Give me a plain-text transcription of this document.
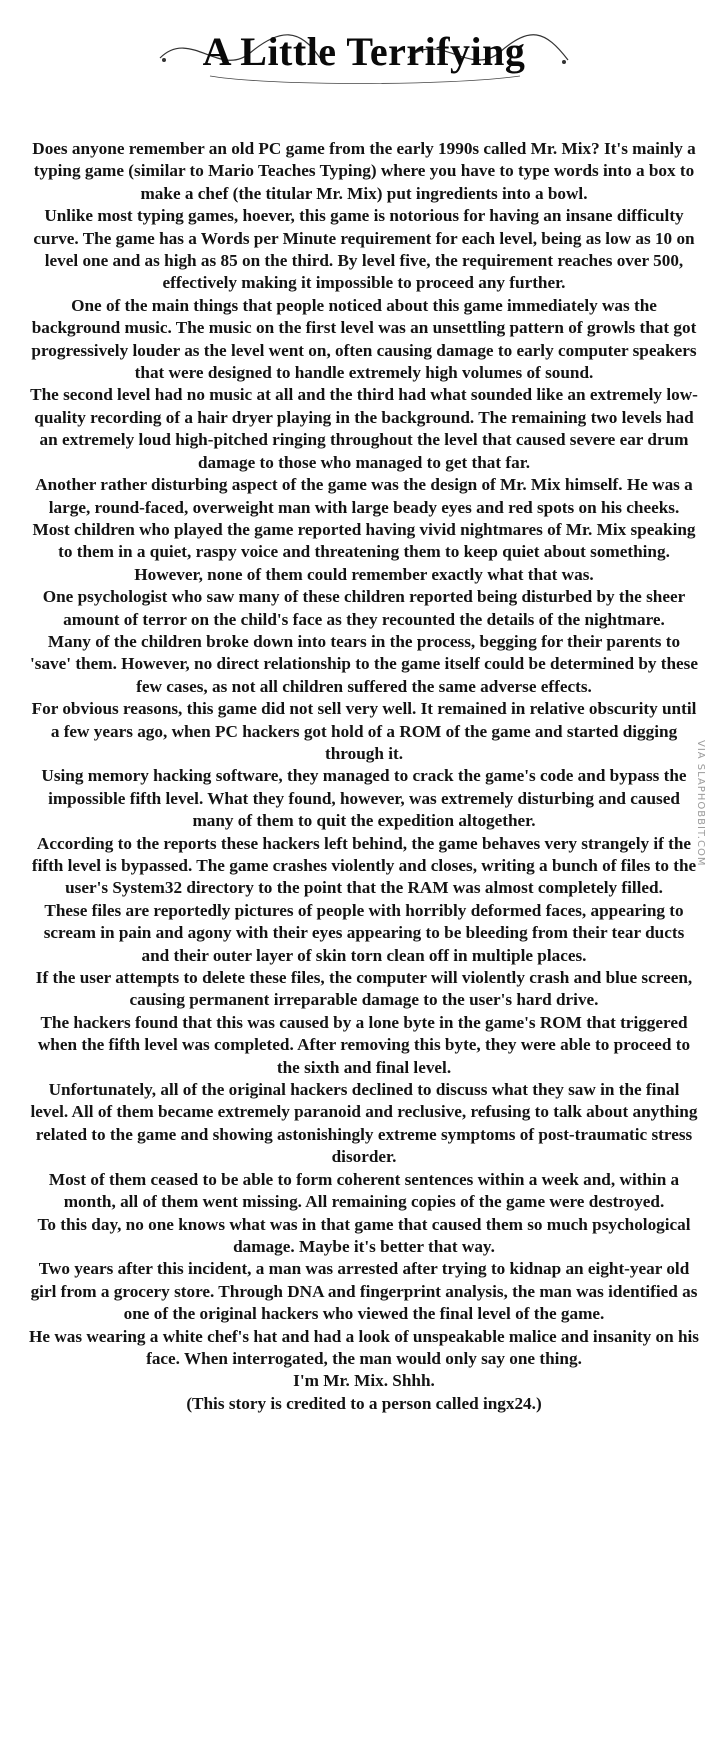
A Little Terrifying

Does anyone remember an old PC game from the early 1990s called Mr. Mix? It's mainly a typing game (similar to Mario Teaches Typing) where you have to type words into a box to make a chef (the titular Mr. Mix) put ingredients into a bowl.

Unlike most typing games, hoever, this game is notorious for having an insane difficulty curve. The game has a Words per Minute requirement for each level, being as low as 10 on level one and as high as 85 on the third. By level five, the requirement reaches over 500, effectively making it impossible to proceed any further.

One of the main things that people noticed about this game immediately was the background music. The music on the first level was an unsettling pattern of growls that got progressively louder as the level went on, often causing damage to early computer speakers that were designed to handle extremely high volumes of sound.

The second level had no music at all and the third had what sounded like an extremely low-quality recording of a hair dryer playing in the background. The remaining two levels had an extremely loud high-pitched ringing throughout the level that caused severe ear drum damage to those who managed to get that far.

Another rather disturbing aspect of the game was the design of Mr. Mix himself. He was a large, round-faced, overweight man with large beady eyes and red spots on his cheeks.

Most children who played the game reported having vivid nightmares of Mr. Mix speaking to them in a quiet, raspy voice and threatening them to keep quiet about something. However, none of them could remember exactly what that was.

One psychologist who saw many of these children reported being disturbed by the sheer amount of terror on the child's face as they recounted the details of the nightmare.

Many of the children broke down into tears in the process, begging for their parents to 'save' them. However, no direct relationship to the game itself could be determined by these few cases, as not all children suffered the same adverse effects.

For obvious reasons, this game did not sell very well. It remained in relative obscurity until a few years ago, when PC hackers got hold of a ROM of the game and started digging through it.

Using memory hacking software, they managed to crack the game's code and bypass the impossible fifth level. What they found, however, was extremely disturbing and caused many of them to quit the expedition altogether.

According to the reports these hackers left behind, the game behaves very strangely if the fifth level is bypassed. The game crashes violently and closes, writing a bunch of files to the user's System32 directory to the point that the RAM was almost completely filled.

These files are reportedly pictures of people with horribly deformed faces, appearing to scream in pain and agony with their eyes appearing to be bleeding from their tear ducts and their outer layer of skin torn clean off in multiple places.

If the user attempts to delete these files, the computer will violently crash and blue screen, causing permanent irreparable damage to the user's hard drive.

The hackers found that this was caused by a lone byte in the game's ROM that triggered when the fifth level was completed. After removing this byte, they were able to proceed to the sixth and final level.

Unfortunately, all of the original hackers declined to discuss what they saw in the final level. All of them became extremely paranoid and reclusive, refusing to talk about anything related to the game and showing astonishingly extreme symptoms of post-traumatic stress disorder.

Most of them ceased to be able to form coherent sentences within a week and, within a month, all of them went missing. All remaining copies of the game were destroyed.

To this day, no one knows what was in that game that caused them so much psychological damage. Maybe it's better that way.

Two years after this incident, a man was arrested after trying to kidnap an eight-year old girl from a grocery store. Through DNA and fingerprint analysis, the man was identified as one of the original hackers who viewed the final level of the game.

He was wearing a white chef's hat and had a look of unspeakable malice and insanity on his face. When interrogated, the man would only say one thing.

I'm Mr. Mix. Shhh.

(This story is credited to a person called ingx24.)

VIA SLAPHOBBIT.COM
